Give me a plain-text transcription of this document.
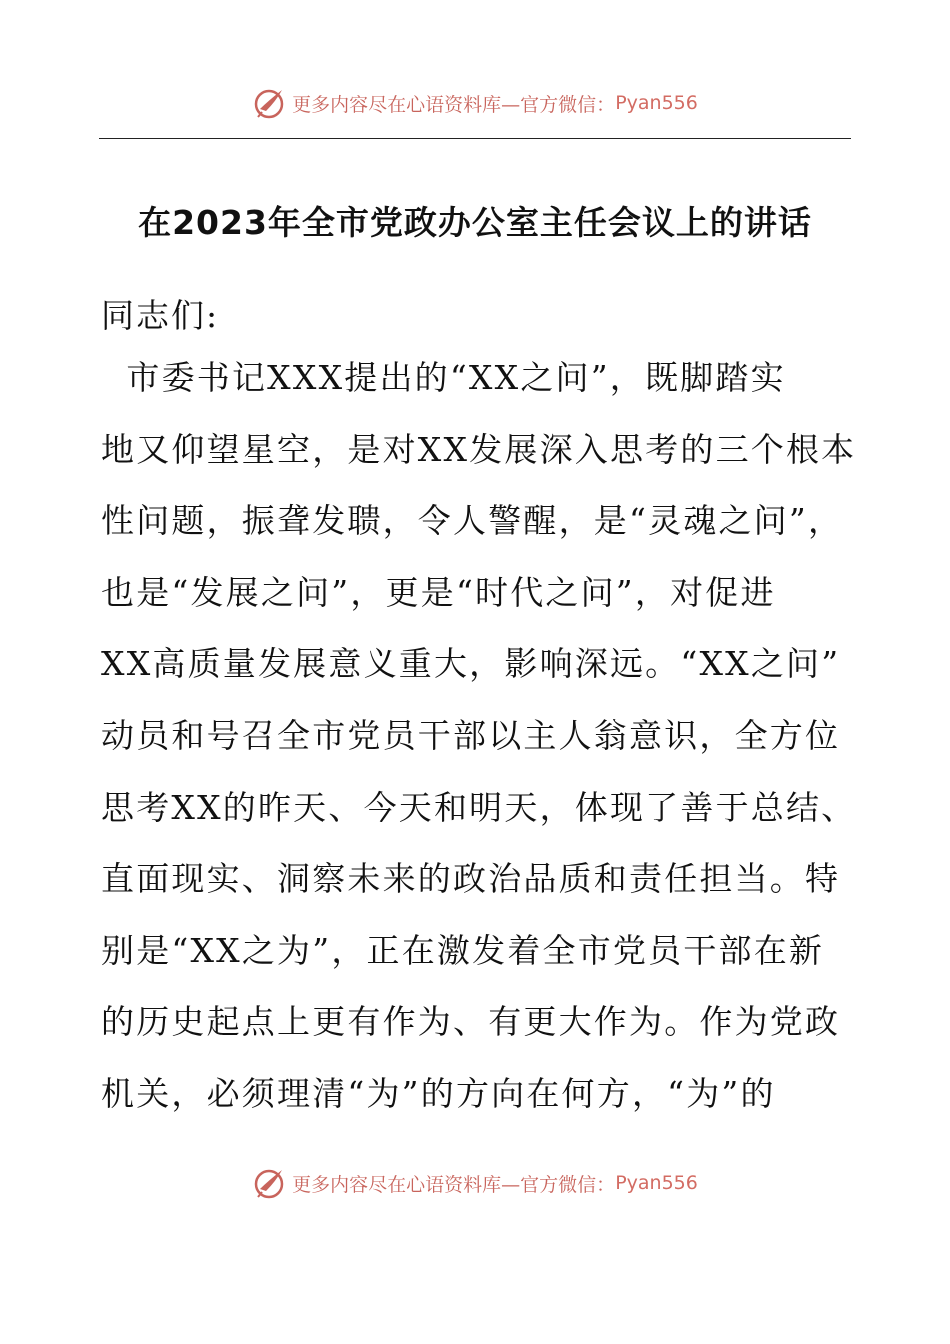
更多内容尽在心语资料库— 官方微信： Pyan556
在2023年全市党政办公室主任会议上的讲话
同志们:
市委书记XXX提出的“XX之问”，既脚踏实
地又仰望星空，是对XX发展深入思考的三个根本
性问题，振聋发聩，令人警醒，是“灵魂之问”，
也是“发展之问”，更是“时代之问”，对促进
XX高质量发展意义重大，影响深远。“XX之问”
动员和号召全市党员干部以主人翁意识，全方位
思考XX的昨天、今天和明天，体现了善于总结、
直面现实、洞察未来的政治品质和责任担当。特
别是“XX之为”，正在激发着全市党员干部在新
的历史起点上更有作为、有更大作为。作为党政
机关，必须理清“为”的方向在何方，“为”的
更多内容尽在心语资料库— 官方微信： Pyan556
